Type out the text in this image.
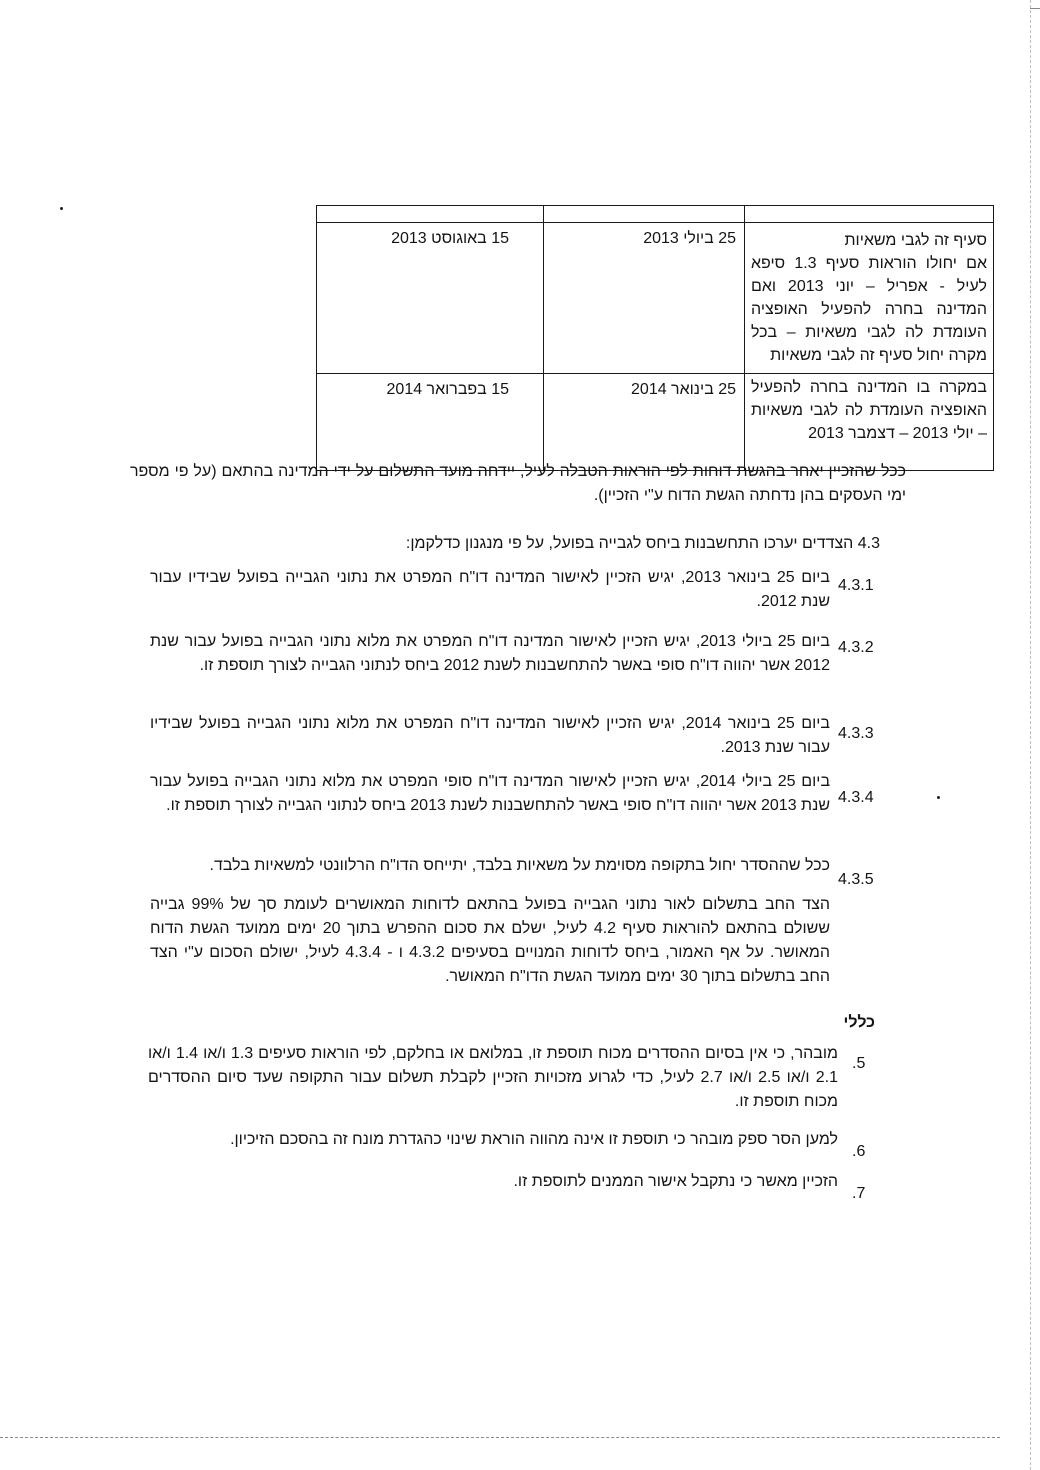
סעיף זה לגבי משאיות
אם יחולו הוראות סעיף 1.3 סיפא לעיל - אפריל – יוני 2013 ואם המדינה בחרה להפעיל האופציה העומדת לה לגבי משאיות – בכל מקרה יחול סעיף זה לגבי משאיות	25 ביולי 2013	15 באוגוסט 2013
במקרה בו המדינה בחרה להפעיל האופציה העומדת לה לגבי משאיות – יולי 2013 – דצמבר 2013	25 בינואר 2014	15 בפברואר 2014
ככל שהזכיין יאחר בהגשת דוחות לפי הוראות הטבלה לעיל, יידחה מועד התשלום על ידי המדינה בהתאם (על פי מספר ימי העסקים בהן נדחתה הגשת הדוח ע"י הזכיין).
4.3 הצדדים יערכו התחשבנות ביחס לגבייה בפועל, על פי מנגנון כדלקמן:
4.3.1
ביום 25 בינואר 2013, יגיש הזכיין לאישור המדינה דו"ח המפרט את נתוני הגבייה בפועל שבידיו עבור שנת 2012.
4.3.2
ביום 25 ביולי 2013, יגיש הזכיין לאישור המדינה דו"ח המפרט את מלוא נתוני הגבייה בפועל עבור שנת 2012 אשר יהווה דו"ח סופי באשר להתחשבנות לשנת 2012 ביחס לנתוני הגבייה לצורך תוספת זו.
4.3.3
ביום 25 בינואר 2014, יגיש הזכיין לאישור המדינה דו"ח המפרט את מלוא נתוני הגבייה בפועל שבידיו עבור שנת 2013.
4.3.4
ביום 25 ביולי 2014, יגיש הזכיין לאישור המדינה דו"ח סופי המפרט את מלוא נתוני הגבייה בפועל עבור שנת 2013 אשר יהווה דו"ח סופי באשר להתחשבנות לשנת 2013 ביחס לנתוני הגבייה לצורך תוספת זו.
4.3.5
ככל שההסדר יחול בתקופה מסוימת על משאיות בלבד, יתייחס הדו"ח הרלוונטי למשאיות בלבד.
הצד החב בתשלום לאור נתוני הגבייה בפועל בהתאם לדוחות המאושרים לעומת סך של 99% גבייה ששולם בהתאם להוראות סעיף 4.2 לעיל, ישלם את סכום ההפרש בתוך 20 ימים ממועד הגשת הדוח המאושר. על אף האמור, ביחס לדוחות המנויים בסעיפים 4.3.2 ו - 4.3.4 לעיל, ישולם הסכום ע"י הצד החב בתשלום בתוך 30 ימים ממועד הגשת הדו"ח המאושר.
כללי
.5
מובהר, כי אין בסיום ההסדרים מכוח תוספת זו, במלואם או בחלקם, לפי הוראות סעיפים 1.3 ו/או 1.4 ו/או 2.1 ו/או 2.5 ו/או 2.7 לעיל, כדי לגרוע מזכויות הזכיין לקבלת תשלום עבור התקופה שעד סיום ההסדרים מכוח תוספת זו.
.6
למען הסר ספק מובהר כי תוספת זו אינה מהווה הוראת שינוי כהגדרת מונח זה בהסכם הזיכיון.
.7
הזכיין מאשר כי נתקבל אישור הממנים לתוספת זו.
